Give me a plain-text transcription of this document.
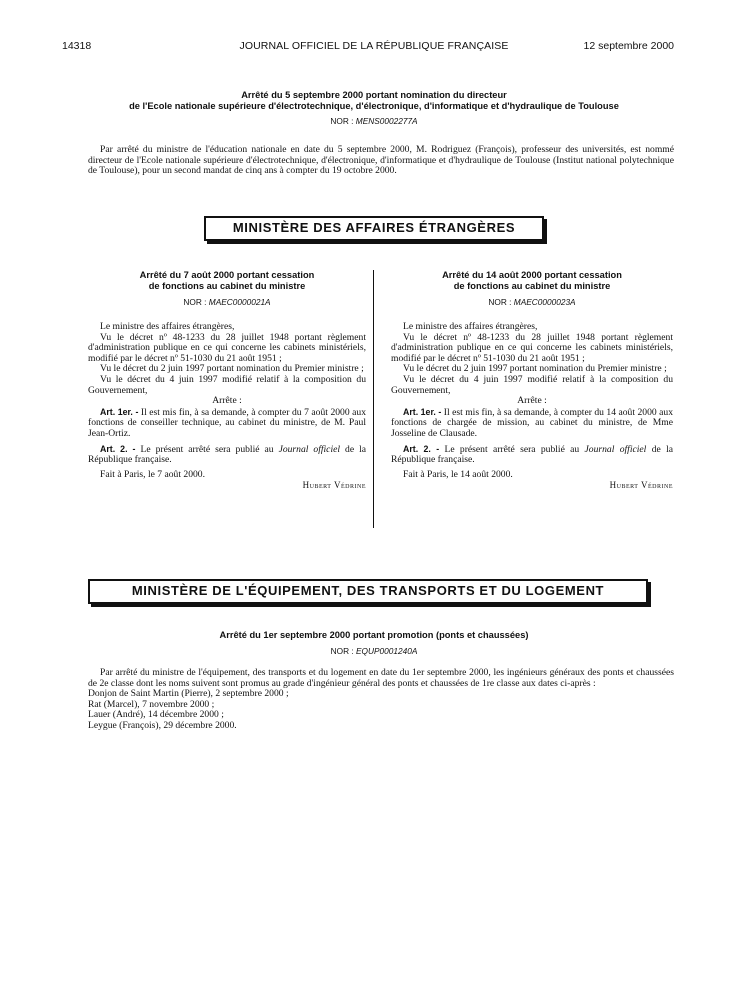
14318	JOURNAL OFFICIEL DE LA RÉPUBLIQUE FRANÇAISE	12 septembre 2000
Arrêté du 5 septembre 2000 portant nomination du directeur
de l'Ecole nationale supérieure d'électrotechnique, d'électronique, d'informatique et d'hydraulique de Toulouse
NOR : MENS0002277A

Par arrêté du ministre de l'éducation nationale en date du 5 septembre 2000, M. Rodriguez (François), professeur des universités, est nommé directeur de l'Ecole nationale supérieure d'électrotechnique, d'électronique, d'informatique et d'hydraulique de Toulouse (Institut national polytechnique de Toulouse), pour un second mandat de cinq ans à compter du 19 octobre 2000.

MINISTÈRE DES AFFAIRES ÉTRANGÈRES
Arrêté du 7 août 2000 portant cessation
de fonctions au cabinet du ministre
NOR : MAEC0000021A

Le ministre des affaires étrangères,

Vu le décret nº 48-1233 du 28 juillet 1948 portant règlement d'administration publique en ce qui concerne les cabinets ministériels, modifié par le décret nº 51-1030 du 21 août 1951 ;

Vu le décret du 2 juin 1997 portant nomination du Premier ministre ;

Vu le décret du 4 juin 1997 modifié relatif à la composition du Gouvernement,

Arrête :

Art. 1er. - Il est mis fin, à sa demande, à compter du 7 août 2000 aux fonctions de conseiller technique, au cabinet du ministre, de M. Paul Jean-Ortiz.

Art. 2. - Le présent arrêté sera publié au Journal officiel de la République française.

Fait à Paris, le 7 août 2000.

Hubert Védrine

Arrêté du 14 août 2000 portant cessation
de fonctions au cabinet du ministre
NOR : MAEC0000023A

Le ministre des affaires étrangères,

Vu le décret nº 48-1233 du 28 juillet 1948 portant règlement d'administration publique en ce qui concerne les cabinets ministériels, modifié par le décret nº 51-1030 du 21 août 1951 ;

Vu le décret du 2 juin 1997 portant nomination du Premier ministre ;

Vu le décret du 4 juin 1997 modifié relatif à la composition du Gouvernement,

Arrête :

Art. 1er. - Il est mis fin, à sa demande, à compter du 14 août 2000 aux fonctions de chargée de mission, au cabinet du ministre, de Mme Josseline de Clausade.

Art. 2. - Le présent arrêté sera publié au Journal officiel de la République française.

Fait à Paris, le 14 août 2000.

Hubert Védrine

MINISTÈRE DE L'ÉQUIPEMENT, DES TRANSPORTS ET DU LOGEMENT
Arrêté du 1er septembre 2000 portant promotion (ponts et chaussées)
NOR : EQUP0001240A

Par arrêté du ministre de l'équipement, des transports et du logement en date du 1er septembre 2000, les ingénieurs généraux des ponts et chaussées de 2e classe dont les noms suivent sont promus au grade d'ingénieur général des ponts et chaussées de 1re classe aux dates ci-après :

Donjon de Saint Martin (Pierre), 2 septembre 2000 ;

Rat (Marcel), 7 novembre 2000 ;

Lauer (André), 14 décembre 2000 ;

Leygue (François), 29 décembre 2000.
